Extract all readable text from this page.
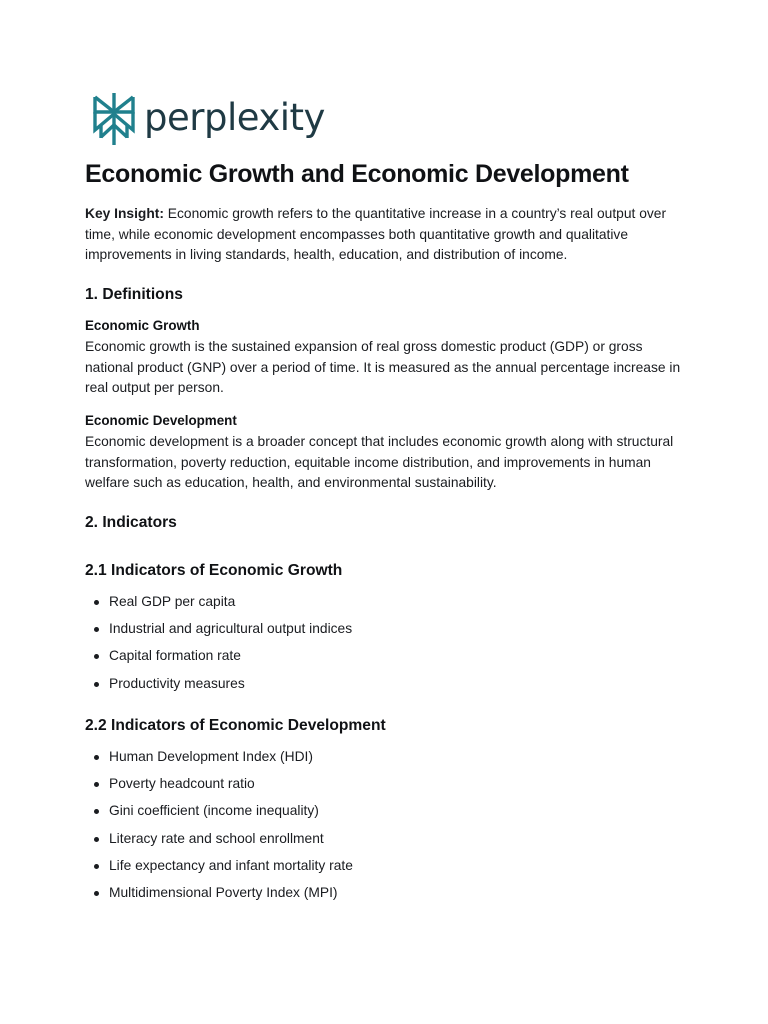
perplexity
Economic Growth and Economic Development

Key Insight: Economic growth refers to the quantitative increase in a country’s real output over time, while economic development encompasses both quantitative growth and qualitative improvements in living standards, health, education, and distribution of income.

1. Definitions
Economic Growth

Economic growth is the sustained expansion of real gross domestic product (GDP) or gross national product (GNP) over a period of time. It is measured as the annual percentage increase in real output per person.

Economic Development

Economic development is a broader concept that includes economic growth along with structural transformation, poverty reduction, equitable income distribution, and improvements in human welfare such as education, health, and environmental sustainability.

2. Indicators
2.1 Indicators of Economic Growth
Real GDP per capita
Industrial and agricultural output indices
Capital formation rate
Productivity measures
2.2 Indicators of Economic Development
Human Development Index (HDI)
Poverty headcount ratio
Gini coefficient (income inequality)
Literacy rate and school enrollment
Life expectancy and infant mortality rate
Multidimensional Poverty Index (MPI)
